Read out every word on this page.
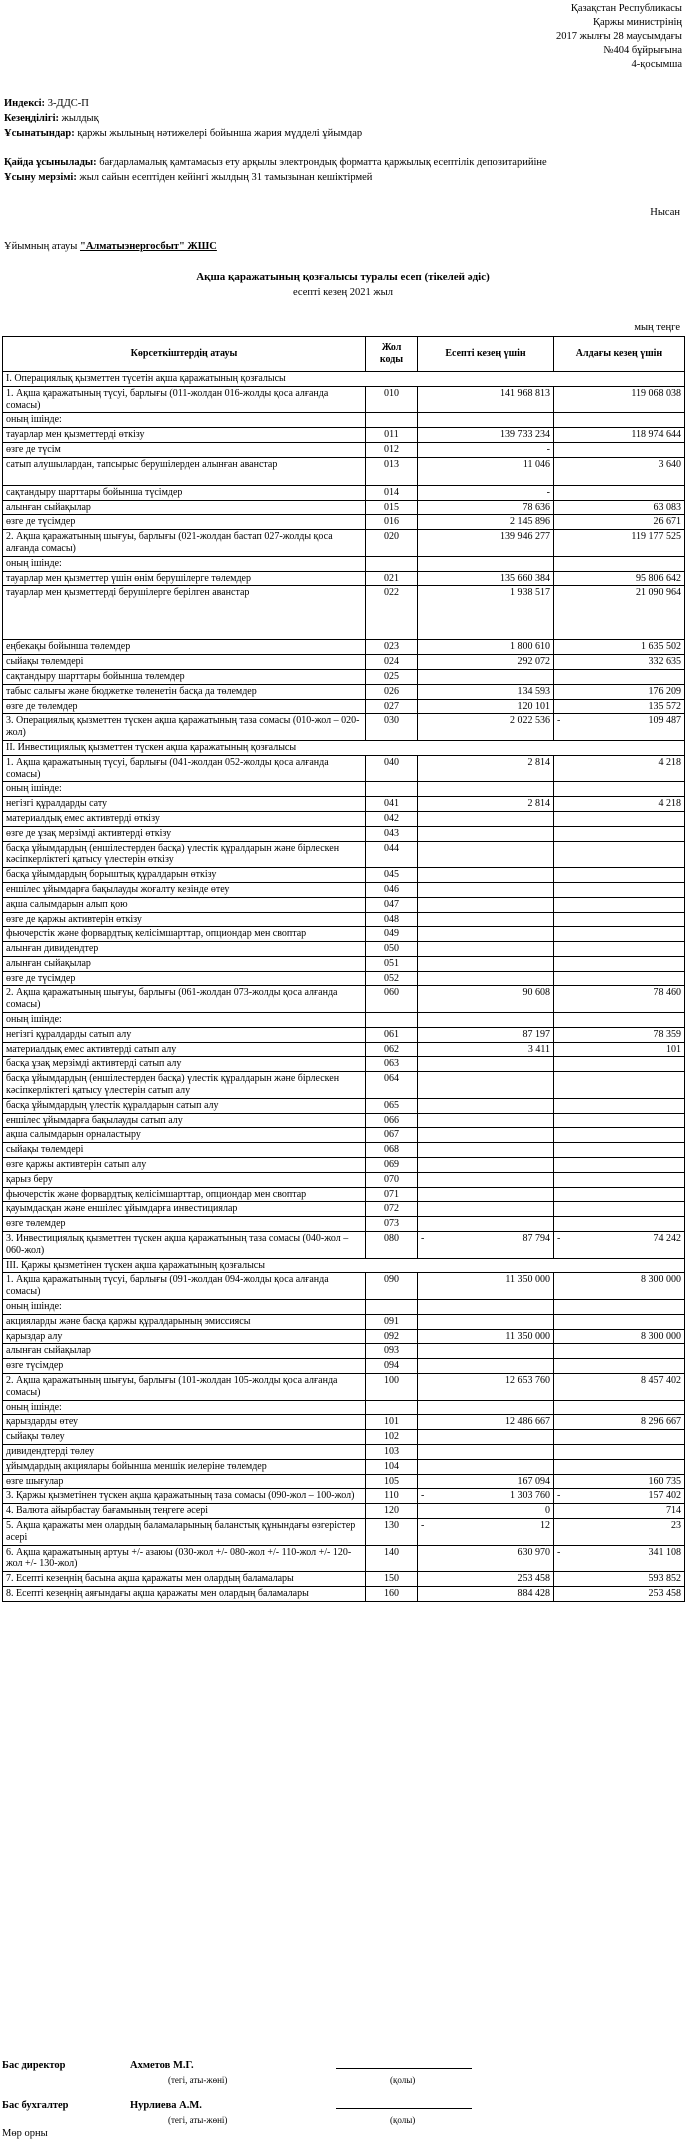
Қазақстан Республикасы
Қаржы министрінің
2017 жылғы 28 маусымдағы
№404 бұйрығына
4-қосымша
Индексі: 3-ДДС-П
Кезеңділігі: жылдық
Ұсынатындар: қаржы жылының нәтижелері бойынша жария мүдделі ұйымдар
Қайда ұсынылады: бағдарламалық қамтамасыз ету арқылы электрондық форматта қаржылық есептілік депозитарийіне
Ұсыну мерзімі: жыл сайын есептіден кейінгі жылдың 31 тамызынан кешіктірмей
Нысан
Ұйымның атауы "Алматыэнергосбыт" ЖШС
Ақша қаражатының қозғалысы туралы есеп (тікелей әдіс)
есепті кезең 2021 жыл
мың теңге
Көрсеткіштердің атауы	Жол коды	Есепті кезең үшін	Алдағы кезең үшін
I. Операциялық қызметтен түсетін ақша қаражатының қозғалысы			
1. Ақша қаражатының түсуі, барлығы (011-жолдан 016-жолды қоса алғанда сомасы)	010	141 968 813	119 068 038
оның ішінде:			
тауарлар мен қызметтерді өткізу	011	139 733 234	118 974 644
өзге де түсім	012	-	
сатып алушылардан, тапсырыс берушілерден алынған аванстар	013	11 046	3 640
сақтандыру шарттары бойынша түсімдер	014	-	
алынған сыйақылар	015	78 636	63 083
өзге де түсімдер	016	2 145 896	26 671
2. Ақша қаражатының шығуы, барлығы (021-жолдан бастап 027-жолды қоса алғанда сомасы)	020	139 946 277	119 177 525
оның ішінде:			
тауарлар мен қызметтер үшін өнім берушілерге төлемдер	021	135 660 384	95 806 642
тауарлар мен қызметтерді берушілерге берілген аванстар	022	1 938 517	21 090 964
еңбекақы бойынша төлемдер	023	1 800 610	1 635 502
сыйақы төлемдері	024	292 072	332 635
сақтандыру шарттары бойынша төлемдер	025		
табыс салығы және бюджетке төленетін басқа да төлемдер	026	134 593	176 209
өзге де төлемдер	027	120 101	135 572
3. Операциялық қызметтен түскен ақша қаражатының таза сомасы (010-жол – 020-жол)	030	2 022 536	- 109 487

II. Инвестициялық қызметтен түскен ақша қаражатының қозғалысы			
1. Ақша қаражатының түсуі, барлығы (041-жолдан 052-жолды қоса алғанда сомасы)	040	2 814	4 218
оның ішінде:			
негізгі құралдарды сату	041	2 814	4 218
материалдық емес активтерді өткізу	042		
өзге де ұзақ мерзімді активтерді өткізу	043		
басқа ұйымдардың (еншілестерден басқа) үлестік құралдарын және бірлескен кәсіпкерліктегі қатысу үлестерін өткізу	044		
басқа ұйымдардың борыштық құралдарын өткізу	045		
еншілес ұйымдарға бақылауды жоғалту кезінде өтеу	046		
ақша салымдарын алып қою	047		
өзге де қаржы активтерін өткізу	048		
фьючерстік және форвардтық келісімшарттар, опциондар мен своптар	049		
алынған дивидендтер	050		
алынған сыйақылар	051		
өзге де түсімдер	052		
2. Ақша қаражатының шығуы, барлығы (061-жолдан 073-жолды қоса алғанда сомасы)	060	90 608	78 460
оның ішінде:			
негізгі құралдарды сатып алу	061	87 197	78 359
материалдық емес активтерді сатып алу	062	3 411	101
басқа ұзақ мерзімді активтерді сатып алу	063		
басқа ұйымдардың (еншілестерден басқа) үлестік құралдарын және бірлескен кәсіпкерліктегі қатысу үлестерін сатып алу	064		
басқа ұйымдардың үлестік құралдарын сатып алу	065		
еншілес ұйымдарға бақылауды сатып алу	066		
ақша салымдарын орналастыру	067		
сыйақы төлемдері	068		
өзге қаржы активтерін сатып алу	069		
қарыз беру	070		
фьючерстік және форвардтық келісімшарттар, опциондар мен своптар	071		
қауымдасқан және еншілес ұйымдарға инвестициялар	072		
өзге төлемдер	073		
3. Инвестициялық қызметтен түскен ақша қаражатының таза сомасы (040-жол – 060-жол)	080	- 87 794	- 74 242

III. Қаржы қызметінен түскен ақша қаражатының қозғалысы			
1. Ақша қаражатының түсуі, барлығы (091-жолдан 094-жолды қоса алғанда сомасы)	090	11 350 000	8 300 000
оның ішінде:			
акцияларды және басқа қаржы құралдарының эмиссиясы	091		
қарыздар алу	092	11 350 000	8 300 000
алынған сыйақылар	093		
өзге түсімдер	094		
2. Ақша қаражатының шығуы, барлығы (101-жолдан 105-жолды қоса алғанда сомасы)	100	12 653 760	8 457 402
оның ішінде:			
қарыздарды өтеу	101	12 486 667	8 296 667
сыйақы төлеу	102		
дивидендтерді төлеу	103		
ұйымдардың акциялары бойынша меншік иелеріне төлемдер	104		
өзге шығулар	105	167 094	160 735
3. Қаржы қызметінен түскен ақша қаражатының таза сомасы (090-жол – 100-жол)	110	- 1 303 760	- 157 402

4. Валюта айырбастау бағамының теңгеге әсері	120	0	714
5. Ақша қаражаты мен олардың баламаларының баланстық құнындағы өзгерістер әсері	130	- 12	23
6. Ақша қаражатының артуы +/- азаюы (030-жол +/- 080-жол +/- 110-жол +/- 120-жол +/- 130-жол)	140	630 970	- 341 108

7. Есепті кезеңнің басына ақша қаражаты мен олардың баламалары	150	253 458	593 852
8. Есепті кезеңнің аяғындағы ақша қаражаты мен олардың баламалары	160	884 428	253 458
Бас директор	Ахметов М.Г.
(тегі, аты-жөні)	(қолы)
Бас бухгалтер	Нурлиева А.М.
(тегі, аты-жөні)	(қолы)
Мөр орны
